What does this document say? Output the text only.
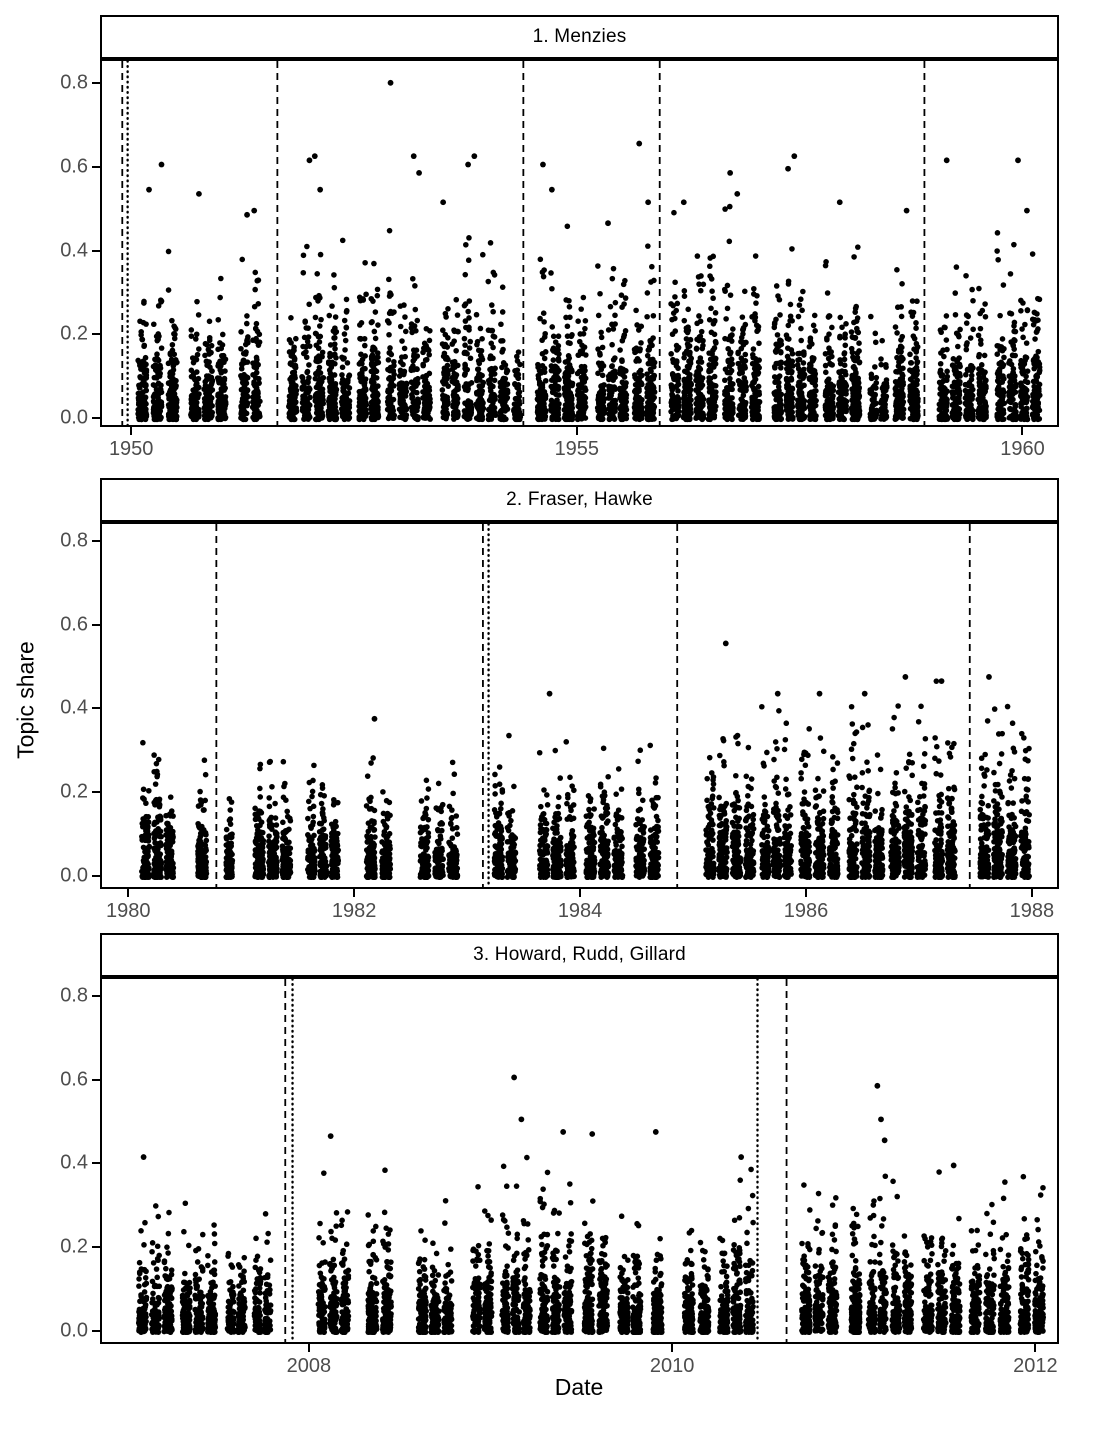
Topic share
Date
1. Menzies
1950	1955	1960
0.0
0.2
0.4
0.6
0.8
2. Fraser, Hawke
1980	1982	1984	1986	1988
0.0
0.2
0.4
0.6
0.8
3. Howard, Rudd, Gillard
2008	2010	2012
0.0
0.2
0.4
0.6
0.8
